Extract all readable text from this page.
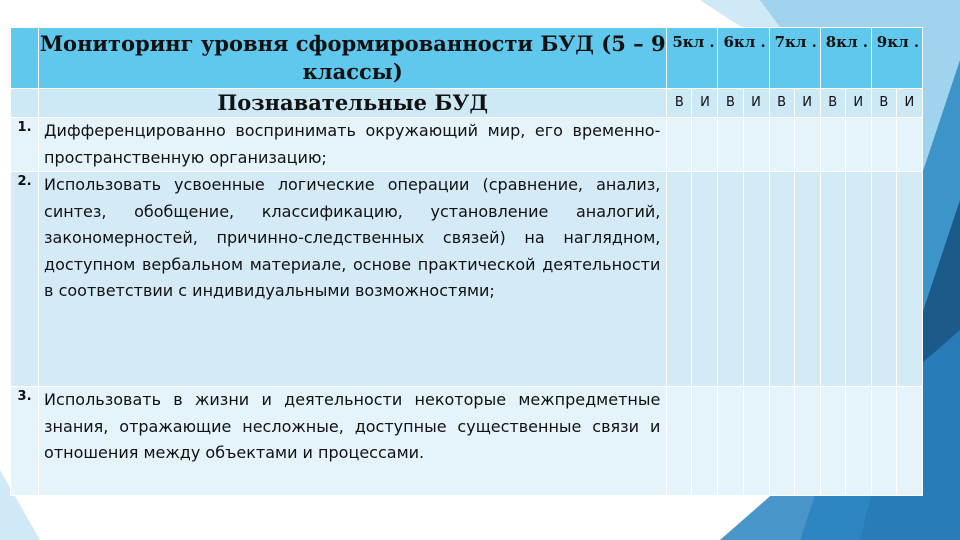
	Мониторинг уровня сформированности БУД (5 – 9 классы)	5кл .		6кл .		7кл .		8кл .		9кл .	
	Познавательные БУД	В	И	В	И	В	И	В	И	В	И
1.	Дифференцированно воспринимать окружающий мир, его временно-пространственную организацию;										
2.	Использовать усвоенные логические операции (сравнение, анализ, синтез, обобщение, классификацию, установление аналогий, закономерностей, причинно-следственных связей) на наглядном, доступном вербальном материале, основе практической деятельности в соответствии с индивидуальными возможностями;										
3.	Использовать в жизни и деятельности некоторые межпредметные знания, отражающие несложные, доступные существенные связи и отношения между объектами и процессами.										
